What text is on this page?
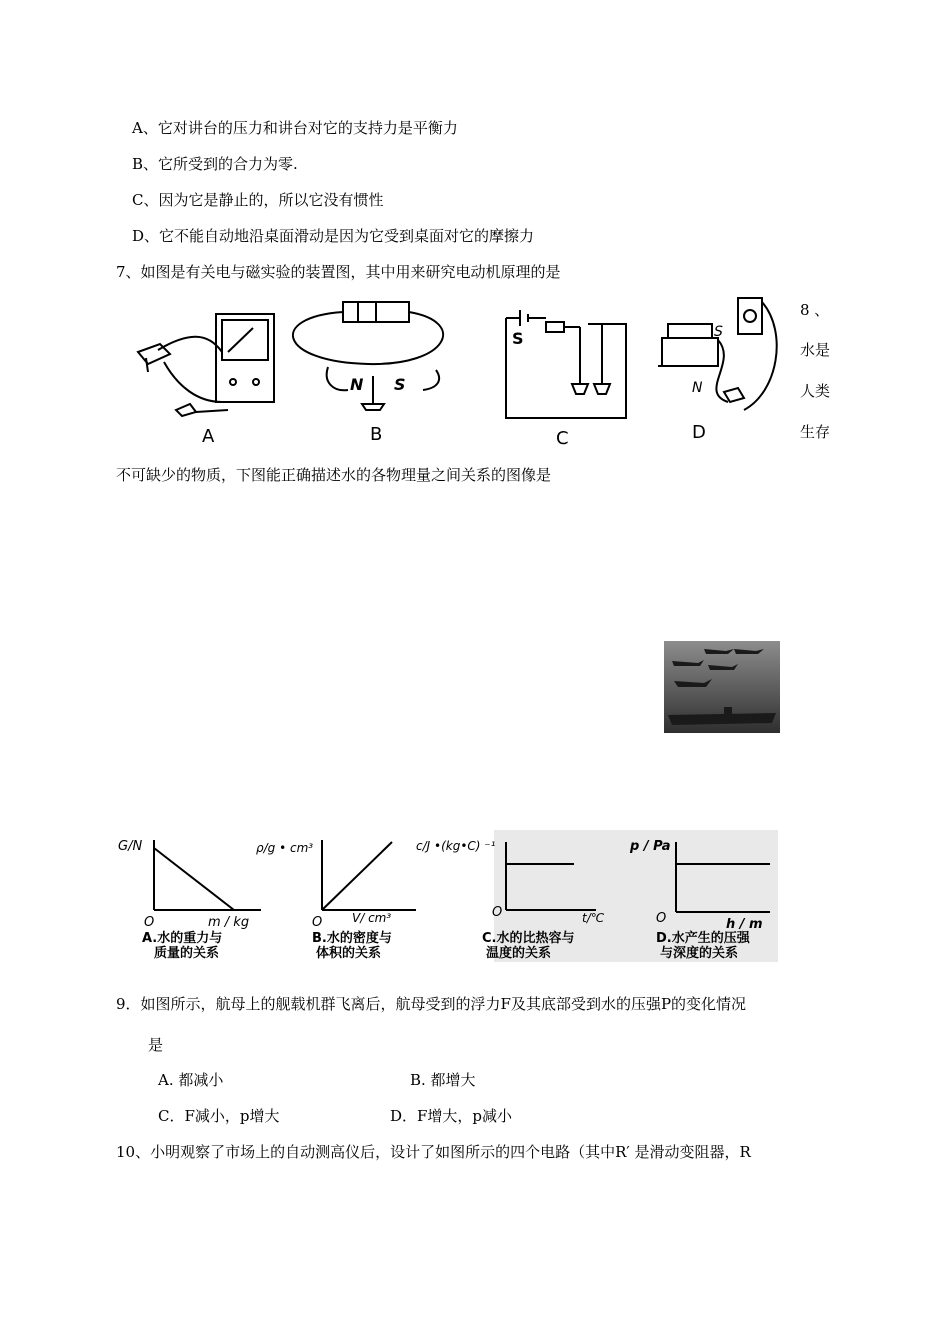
A、它对讲台的压力和讲台对它的支持力是平衡力
B、它所受到的合力为零.
C、因为它是静止的，所以它没有惯性
D、它不能自动地沿桌面滑动是因为它受到桌面对它的摩擦力
7、如图是有关电与磁实验的装置图，其中用来研究电动机原理的是
A
N S
B
S
C
S
N
D
8 、
水是
人类
生存
不可缺少的物质，下图能正确描述水的各物理量之间关系的图像是
G/N
O	m / kg
A.水的重力与
质量的关系
ρ/g • cm³
O V/ cm³
B.水的密度与
体积的关系
c/J •(kg•C) ⁻¹
O	t/℃
C.水的比热容与
温度的关系
p / Pa
O	h / m
D.水产生的压强
与深度的关系
9．如图所示，航母上的舰载机群飞离后，航母受到的浮力F及其底部受到水的压强P的变化情况
是
A. 都减小	B. 都增大
C．F减小，p增大	D．F增大，p减小
10、小明观察了市场上的自动测高仪后，设计了如图所示的四个电路（其中R′ 是滑动变阻器，R
